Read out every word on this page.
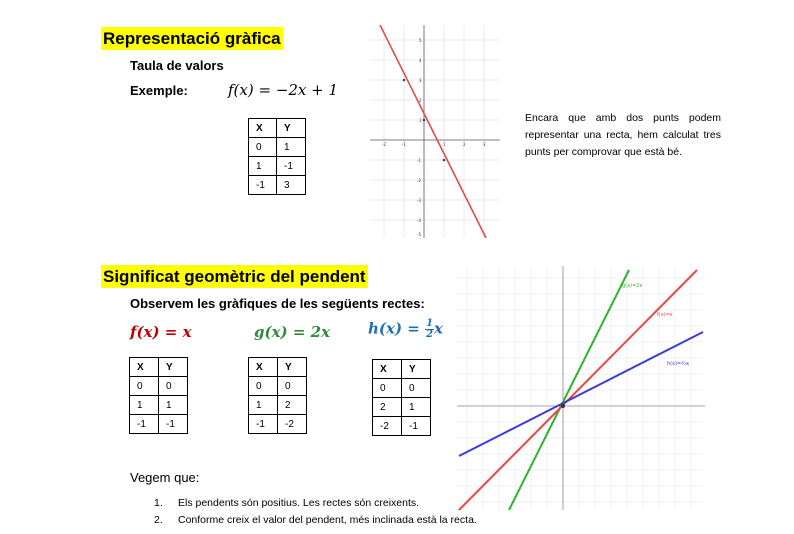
Representació gràfica
Taula de valors
Exemple:	f(x) = −2x + 1
X	Y
0	1
1	-1
-1	3
-2	-1	1	2	3
5
4
3
2
1
-1
-2
-3
-4
-5
Encara que amb dos punts podem representar una recta, hem calculat tres punts per comprovar que està bé.
Significat geomètric del pendent
Observem les gràfiques de les següents rectes:
f(x) = x	g(x) = 2x	$h(x) = \frac{1}{2}$ x
X	Y
0	0
1	1
-1	-1
X	Y
0	0
1	2
-1	-2
X	Y
0	0
2	1
-2	-1
g(x)=2x
f(x)=x
h(x)=½x
Vegem que:
1. Els pendents són positius. Les rectes són creixents.
2. Conforme creix el valor del pendent, més inclinada està la recta.
